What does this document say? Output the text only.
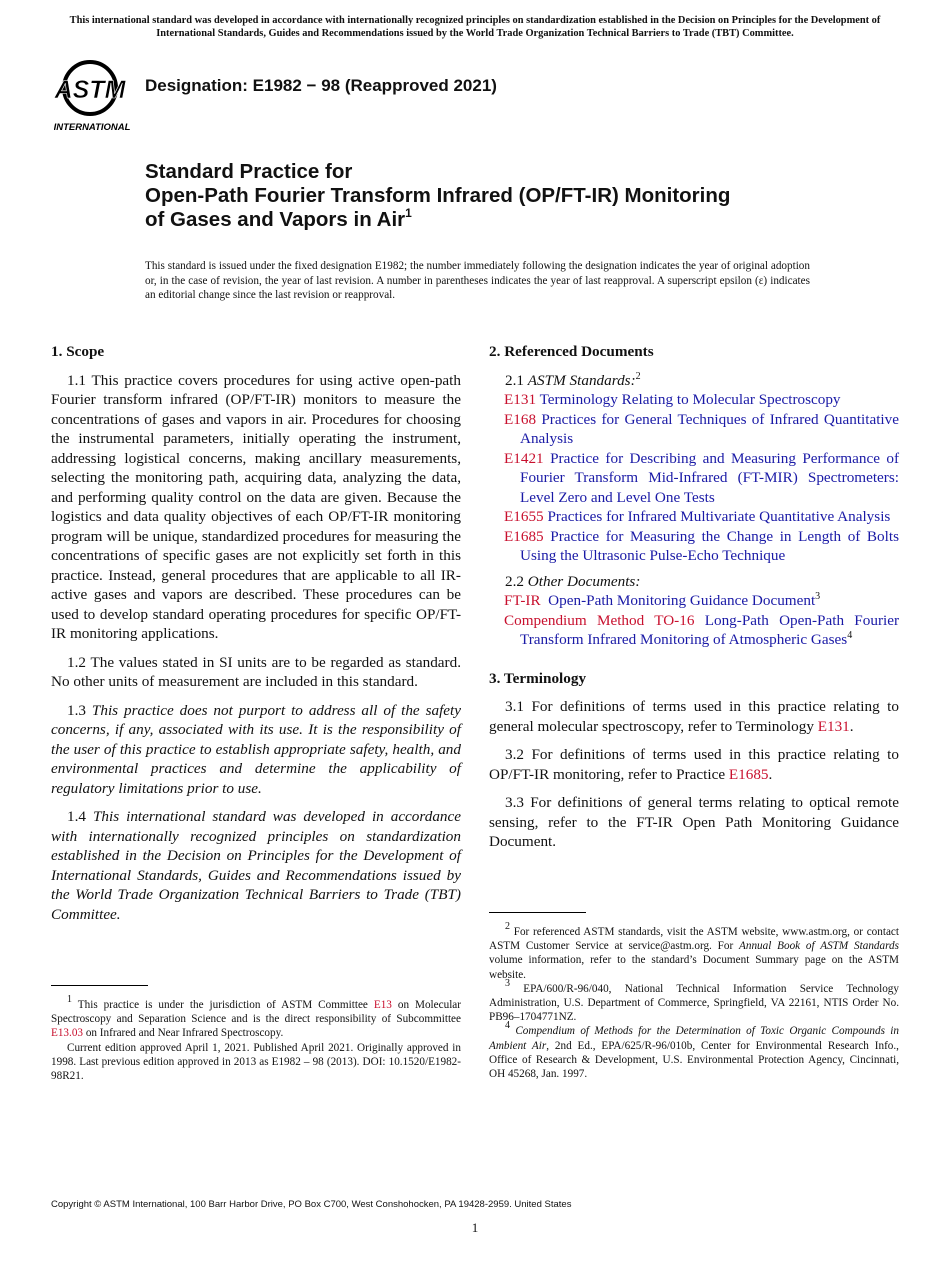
This international standard was developed in accordance with internationally recognized principles on standardization established in the Decision on Principles for the Development of International Standards, Guides and Recommendations issued by the World Trade Organization Technical Barriers to Trade (TBT) Committee.
ASTM
INTERNATIONAL
Designation: E1982 − 98 (Reapproved 2021)
Standard Practice for
Open-Path Fourier Transform Infrared (OP/FT-IR) Monitoring
of Gases and Vapors in Air$^1$
This standard is issued under the fixed designation E1982; the number immediately following the designation indicates the year of original adoption or, in the case of revision, the year of last revision. A number in parentheses indicates the year of last reapproval. A superscript epsilon (ε) indicates an editorial change since the last revision or reapproval.
1. Scope

1.1 This practice covers procedures for using active open-path Fourier transform infrared (OP/FT-IR) monitors to measure the concentrations of gases and vapors in air. Procedures for choosing the instrumental parameters, initially operating the instrument, addressing logistical concerns, making ancillary measurements, selecting the monitoring path, acquiring data, analyzing the data, and performing quality control on the data are given. Because the logistics and data quality objectives of each OP/FT-IR monitoring program will be unique, standardized procedures for measuring the concentrations of specific gases are not explicitly set forth in this practice. Instead, general procedures that are applicable to all IR-active gases and vapors are described. These procedures can be used to develop standard operating procedures for specific OP/FT-IR monitoring applications.

1.2 The values stated in SI units are to be regarded as standard. No other units of measurement are included in this standard.

1.3 This practice does not purport to address all of the safety concerns, if any, associated with its use. It is the responsibility of the user of this practice to establish appropriate safety, health, and environmental practices and determine the applicability of regulatory limitations prior to use.

1.4 This international standard was developed in accordance with internationally recognized principles on standardization established in the Decision on Principles for the Development of International Standards, Guides and Recommendations issued by the World Trade Organization Technical Barriers to Trade (TBT) Committee.

2. Referenced Documents
2.1 ASTM Standards:$^2$
E131 Terminology Relating to Molecular Spectroscopy
E168 Practices for General Techniques of Infrared Quantitative Analysis
E1421 Practice for Describing and Measuring Performance of Fourier Transform Mid-Infrared (FT-MIR) Spectrometers: Level Zero and Level One Tests
E1655 Practices for Infrared Multivariate Quantitative Analysis
E1685 Practice for Measuring the Change in Length of Bolts Using the Ultrasonic Pulse-Echo Technique
2.2 Other Documents:
FT-IR Open-Path Monitoring Guidance Document$^3$
Compendium Method TO-16 Long-Path Open-Path Fourier Transform Infrared Monitoring of Atmospheric Gases$^4$
3. Terminology

3.1 For definitions of terms used in this practice relating to general molecular spectroscopy, refer to Terminology E131.

3.2 For definitions of terms used in this practice relating to OP/FT-IR monitoring, refer to Practice E1685.

3.3 For definitions of general terms relating to optical remote sensing, refer to the FT-IR Open Path Monitoring Guidance Document.

$^1$ This practice is under the jurisdiction of ASTM Committee E13 on Molecular Spectroscopy and Separation Science and is the direct responsibility of Subcommittee E13.03 on Infrared and Near Infrared Spectroscopy.

Current edition approved April 1, 2021. Published April 2021. Originally approved in 1998. Last previous edition approved in 2013 as E1982 – 98 (2013). DOI: 10.1520/E1982-98R21.

$^2$ For referenced ASTM standards, visit the ASTM website, www.astm.org, or contact ASTM Customer Service at service@astm.org. For Annual Book of ASTM Standards volume information, refer to the standard’s Document Summary page on the ASTM website.

$^3$ EPA/600/R-96/040, National Technical Information Service Technology Administration, U.S. Department of Commerce, Springfield, VA 22161, NTIS Order No. PB96–1704771NZ.

$^4$ Compendium of Methods for the Determination of Toxic Organic Compounds in Ambient Air, 2nd Ed., EPA/625/R-96/010b, Center for Environmental Research Info., Office of Research & Development, U.S. Environmental Protection Agency, Cincinnati, OH 45268, Jan. 1997.

Copyright © ASTM International, 100 Barr Harbor Drive, PO Box C700, West Conshohocken, PA 19428-2959. United States
1
